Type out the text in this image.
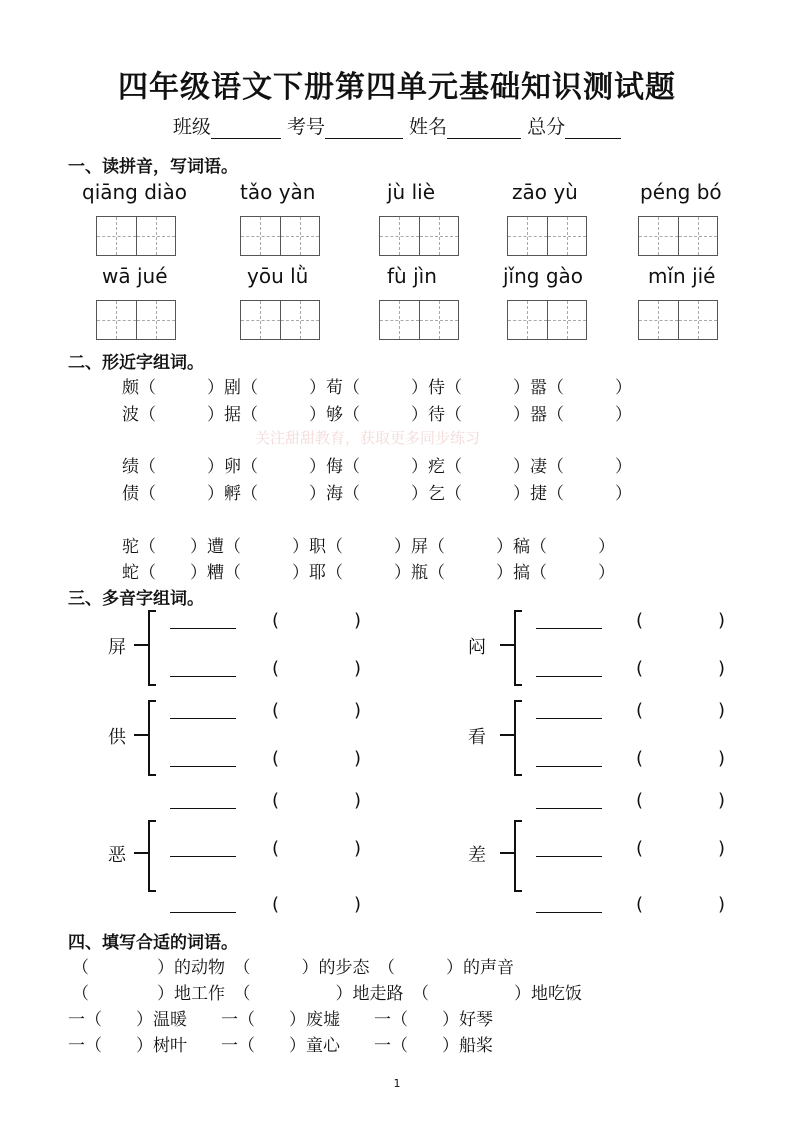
四年级语文下册第四单元基础知识测试题
班级	考号	姓名	总分
一、读拼音，写词语。
qiāng diào	tǎo yàn	jù liè	zāo yù	péng bó
wā jué	yōu lǜ	fù jìn	jǐng gào	mǐn jié
二、形近字组词。
颇（　　　）剧（　　　）荀（　　　）侍（　　　）嚣（　　　）
波（　　　）据（　　　）够（　　　）待（　　　）器（　　　）
关注甜甜教育，获取更多同步练习
绩（　　　）卵（　　　）侮（　　　）疙（　　　）凄（　　　）
债（　　　）孵（　　　）海（　　　）乞（　　　）捷（　　　）
驼（　　）遭（　　　）职（　　　）屏（　　　）稿（　　　）
蛇（　　）糟（　　　）耶（　　　）瓶（　　　）搞（　　　）
三、多音字组词。
屏
(	)
(	)
闷
(	)
(	)
供
(	)
(	)
看
(	)
(	)
恶
(	)
(	)
(	)
差
(	)
(	)
(	)
四、填写合适的词语。
（　　　　）的动物　（　　　）的步态　（　　　）的声音
（　　　　）地工作　（　　　　　）地走路　（　　　　　）地吃饭
一（　　）温暖　　一（　　）废墟　　一（　　）好琴
一（　　）树叶　　一（　　）童心　　一（　　）船桨
1
